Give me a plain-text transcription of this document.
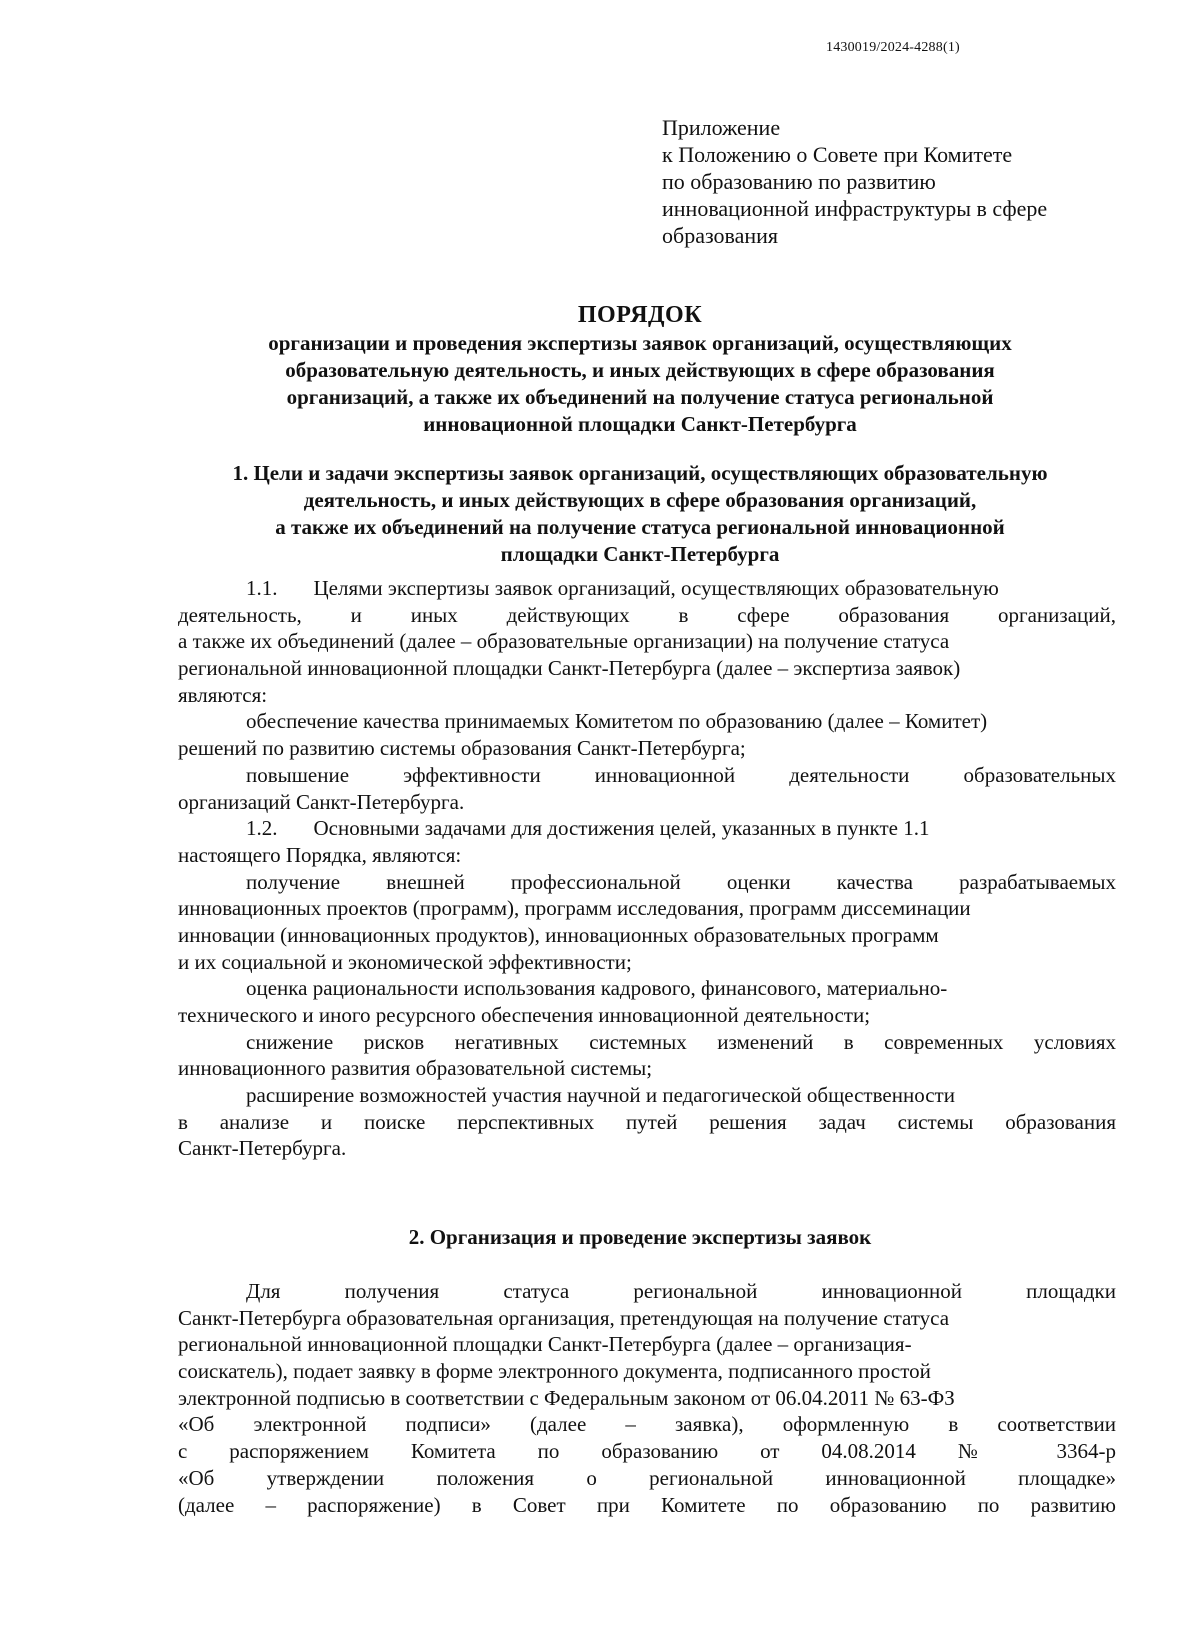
1430019/2024-4288(1)
Приложение
к Положению о Совете при Комитете
по образованию по развитию
инновационной инфраструктуры в сфере
образования
ПОРЯДОК
организации и проведения экспертизы заявок организаций, осуществляющих
образовательную деятельность, и иных действующих в сфере образования
организаций, а также их объединений на получение статуса региональной
инновационной площадки Санкт-Петербурга
1. Цели и задачи экспертизы заявок организаций, осуществляющих образовательную
деятельность, и иных действующих в сфере образования организаций,
а также их объединений на получение статуса региональной инновационной
площадки Санкт-Петербурга
1.1. Целями экспертизы заявок организаций, осуществляющих образовательную
деятельность, и иных действующих в сфере образования организаций,
а также их объединений (далее – образовательные организации) на получение статуса
региональной инновационной площадки Санкт-Петербурга (далее – экспертиза заявок)
являются:
обеспечение качества принимаемых Комитетом по образованию (далее – Комитет)
решений по развитию системы образования Санкт-Петербурга;
повышение эффективности инновационной деятельности образовательных
организаций Санкт-Петербурга.
1.2. Основными задачами для достижения целей, указанных в пункте 1.1
настоящего Порядка, являются:
получение внешней профессиональной оценки качества разрабатываемых
инновационных проектов (программ), программ исследования, программ диссеминации
инновации (инновационных продуктов), инновационных образовательных программ
и их социальной и экономической эффективности;
оценка рациональности использования кадрового, финансового, материально-
технического и иного ресурсного обеспечения инновационной деятельности;
снижение рисков негативных системных изменений в современных условиях
инновационного развития образовательной системы;
расширение возможностей участия научной и педагогической общественности
в анализе и поиске перспективных путей решения задач системы образования
Санкт-Петербурга.
2. Организация и проведение экспертизы заявок
Для получения статуса региональной инновационной площадки
Санкт-Петербурга образовательная организация, претендующая на получение статуса
региональной инновационной площадки Санкт-Петербурга (далее – организация-
соискатель), подает заявку в форме электронного документа, подписанного простой
электронной подписью в соответствии с Федеральным законом от 06.04.2011 № 63-ФЗ
«Об электронной подписи» (далее – заявка), оформленную в соответствии
с распоряжением Комитета по образованию от 04.08.2014 № 3364-р
«Об утверждении положения о региональной инновационной площадке»
(далее – распоряжение) в Совет при Комитете по образованию по развитию
